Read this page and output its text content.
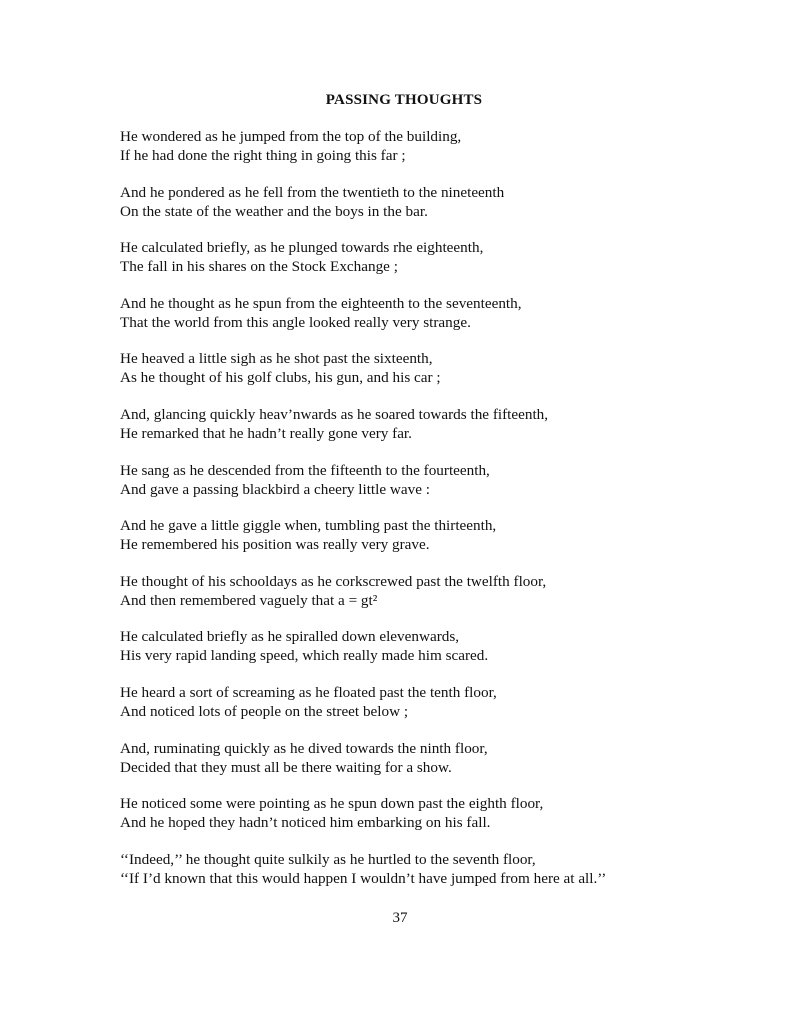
PASSING THOUGHTS
He wondered as he jumped from the top of the building,
If he had done the right thing in going this far ;
And he pondered as he fell from the twentieth to the nineteenth
On the state of the weather and the boys in the bar.
He calculated briefly, as he plunged towards rhe eighteenth,
The fall in his shares on the Stock Exchange ;
And he thought as he spun from the eighteenth to the seventeenth,
That the world from this angle looked really very strange.
He heaved a little sigh as he shot past the sixteenth,
As he thought of his golf clubs, his gun, and his car ;
And, glancing quickly heav’nwards as he soared towards the fifteenth,
He remarked that he hadn’t really gone very far.
He sang as he descended from the fifteenth to the fourteenth,
And gave a passing blackbird a cheery little wave :
And he gave a little giggle when, tumbling past the thirteenth,
He remembered his position was really very grave.
He thought of his schooldays as he corkscrewed past the twelfth floor,
And then remembered vaguely that a = gt²
He calculated briefly as he spiralled down elevenwards,
His very rapid landing speed, which really made him scared.
He heard a sort of screaming as he floated past the tenth floor,
And noticed lots of people on the street below ;
And, ruminating quickly as he dived towards the ninth floor,
Decided that they must all be there waiting for a show.
He noticed some were pointing as he spun down past the eighth floor,
And he hoped they hadn’t noticed him embarking on his fall.
‘‘Indeed,’’ he thought quite sulkily as he hurtled to the seventh floor,
‘‘If I’d known that this would happen I wouldn’t have jumped from here at all.’’
37
